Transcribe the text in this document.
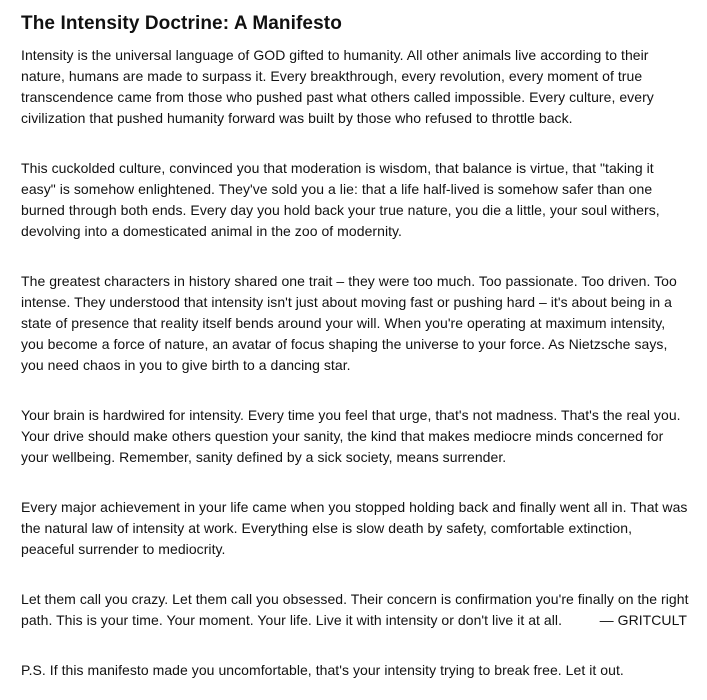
The Intensity Doctrine: A Manifesto

Intensity is the universal language of GOD gifted to humanity. All other animals live according to their nature, humans are made to surpass it. Every breakthrough, every revolution, every moment of true transcendence came from those who pushed past what others called impossible. Every culture, every civilization that pushed humanity forward was built by those who refused to throttle back.

This cuckolded culture, convinced you that moderation is wisdom, that balance is virtue, that "taking it easy" is somehow enlightened. They've sold you a lie: that a life half-lived is somehow safer than one burned through both ends. Every day you hold back your true nature, you die a little, your soul withers, devolving into a domesticated animal in the zoo of modernity.

The greatest characters in history shared one trait – they were too much. Too passionate. Too driven. Too intense. They understood that intensity isn't just about moving fast or pushing hard – it's about being in a state of presence that reality itself bends around your will. When you're operating at maximum intensity, you become a force of nature, an avatar of focus shaping the universe to your force. As Nietzsche says, you need chaos in you to give birth to a dancing star.

Your brain is hardwired for intensity. Every time you feel that urge, that's not madness. That's the real you. Your drive should make others question your sanity, the kind that makes mediocre minds concerned for your wellbeing. Remember, sanity defined by a sick society, means surrender.

Every major achievement in your life came when you stopped holding back and finally went all in. That was the natural law of intensity at work. Everything else is slow death by safety, comfortable extinction, peaceful surrender to mediocrity.

Let them call you crazy. Let them call you obsessed. Their concern is confirmation you're finally on the right path. This is your time. Your moment. Your life. Live it with intensity or don't live it at all.	— GRITCULT

P.S. If this manifesto made you uncomfortable, that's your intensity trying to break free. Let it out.
